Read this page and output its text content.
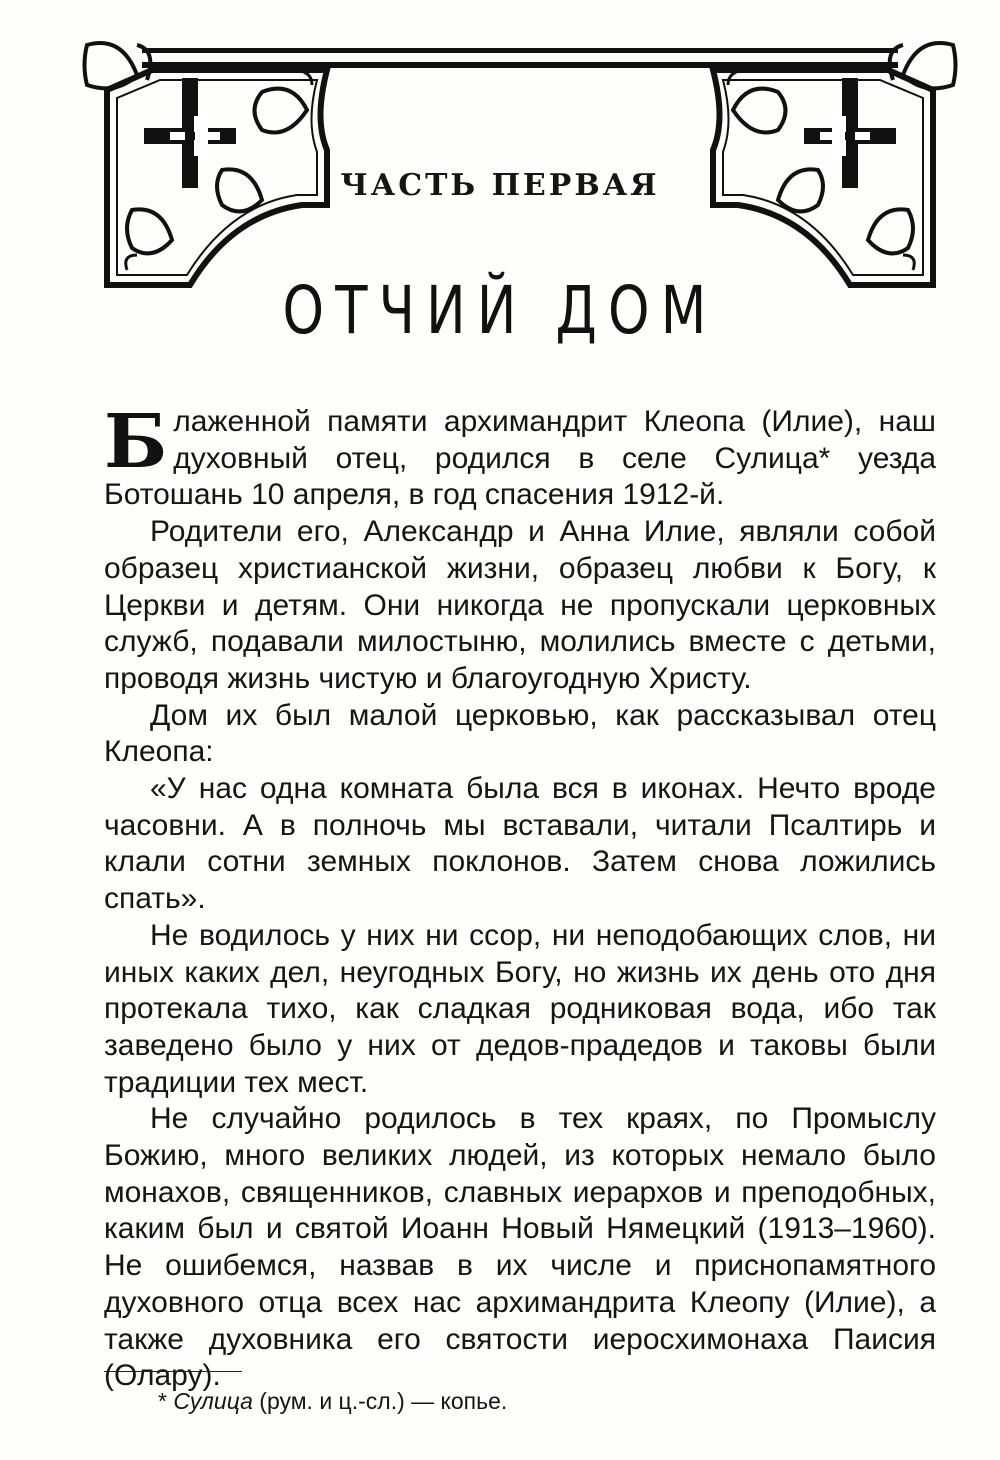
ЧАСТЬ ПЕРВАЯ
ОТЧИЙ ДОМ

Блаженной памяти архимандрит Клеопа (Илие), наш духовный отец, родился в селе Сулица* уезда Ботошань 10 апреля, в год спасения 1912-й.

Родители его, Александр и Анна Илие, являли собой образец христианской жизни, образец любви к Богу, к Церкви и детям. Они никогда не пропускали церковных служб, подавали милостыню, молились вместе с детьми, проводя жизнь чистую и благоугодную Христу.

Дом их был малой церковью, как рассказывал отец Клеопа:

«У нас одна комната была вся в иконах. Нечто вроде часовни. А в полночь мы вставали, читали Псалтирь и клали сотни земных поклонов. Затем снова ложились спать».

Не водилось у них ни ссор, ни неподобающих слов, ни иных каких дел, неугодных Богу, но жизнь их день ото дня протекала тихо, как сладкая родниковая вода, ибо так заведено было у них от дедов-прадедов и таковы были традиции тех мест.

Не случайно родилось в тех краях, по Промыслу Божию, много великих людей, из которых немало было монахов, священников, славных иерархов и преподобных, каким был и святой Иоанн Новый Нямецкий (1913–1960). Не ошибемся, назвав в их числе и приснопамятного духовного отца всех нас архимандрита Клеопу (Илие), а также духовника его святости иеросхимонаха Паисия (Олару).

* Сулица (рум. и ц.-сл.) — копье.
